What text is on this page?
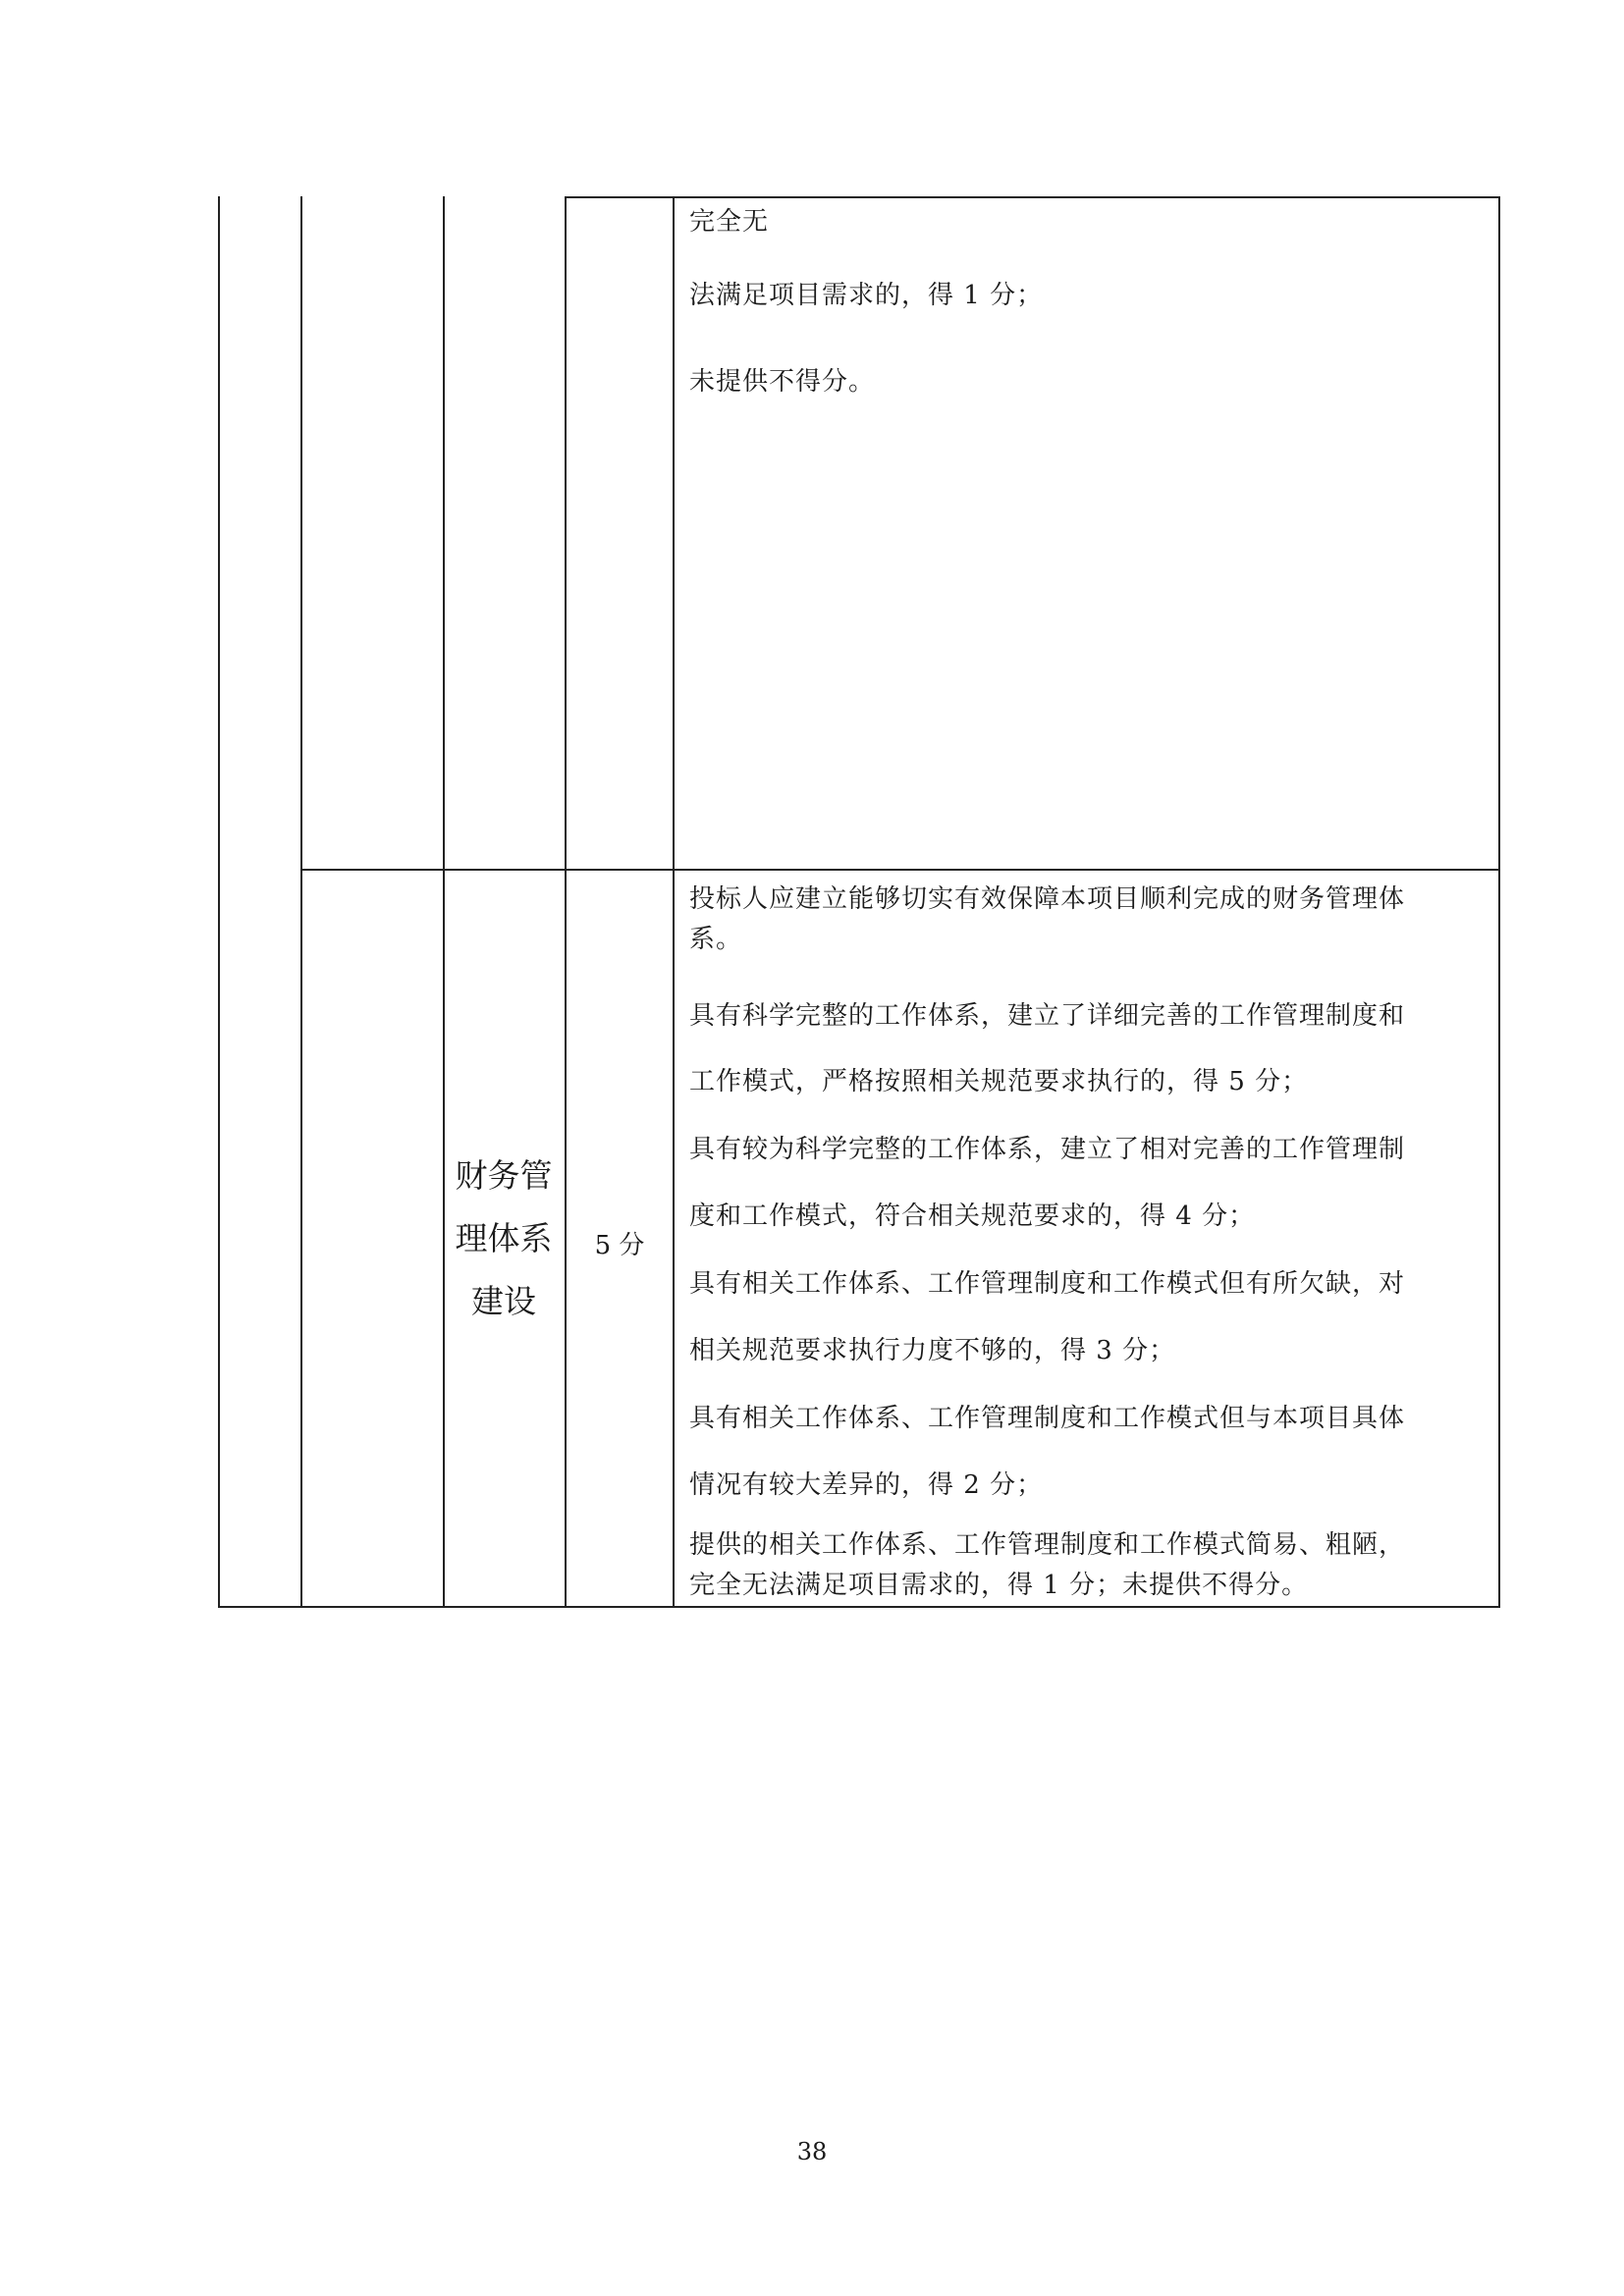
完全无
法满足项目需求的，得 1 分；
未提供不得分。
财务管
理体系
建设
5 分
投标人应建立能够切实有效保障本项目顺利完成的财务管理体
系。
具有科学完整的工作体系，建立了详细完善的工作管理制度和
工作模式，严格按照相关规范要求执行的，得 5 分；
具有较为科学完整的工作体系，建立了相对完善的工作管理制
度和工作模式，符合相关规范要求的，得 4 分；
具有相关工作体系、工作管理制度和工作模式但有所欠缺，对
相关规范要求执行力度不够的，得 3 分；
具有相关工作体系、工作管理制度和工作模式但与本项目具体
情况有较大差异的，得 2 分；
提供的相关工作体系、工作管理制度和工作模式简易、粗陋，
完全无法满足项目需求的，得 1 分；未提供不得分。
38
